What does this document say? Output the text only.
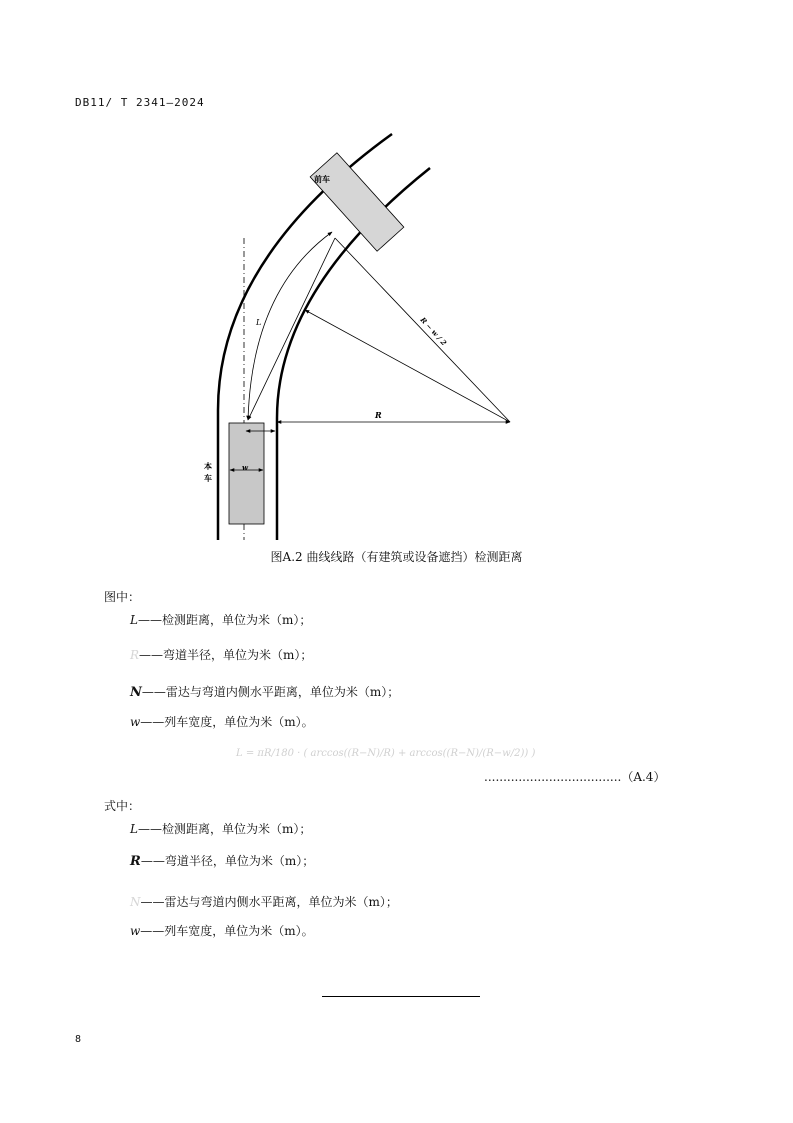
DB11/ T 2341—2024
前车
本
车
L
R
w
R − w / 2
图A.2 曲线线路（有建筑或设备遮挡）检测距离
图中：
L——检测距离，单位为米（m）；
R——弯道半径，单位为米（m）；
N——雷达与弯道内侧水平距离，单位为米（m）；
w——列车宽度，单位为米（m）。
L = πR/180 · ( arccos((R−N)/R) + arccos((R−N)/(R−w/2)) )
....................................（A.4）
式中：
L——检测距离，单位为米（m）；
R——弯道半径，单位为米（m）；
N——雷达与弯道内侧水平距离，单位为米（m）；
w——列车宽度，单位为米（m）。
8
